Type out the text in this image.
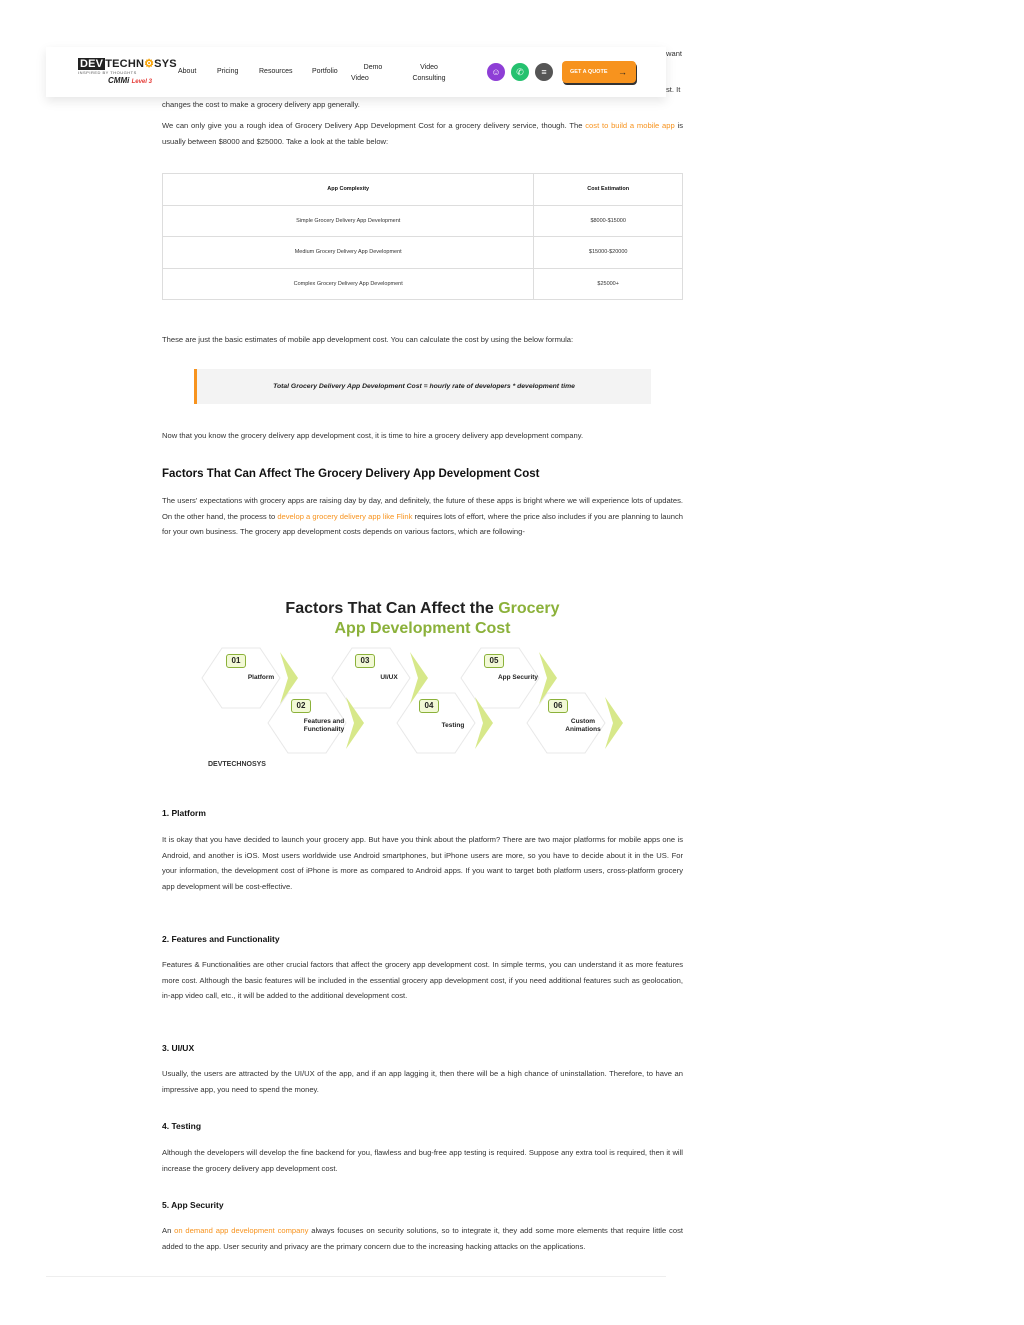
want
st. It
DEV TECHN⚙SYS
INSPIRED BY THOUGHTS
CMMi Level 3
About	Pricing	Resources	Portfolio
Demo
Video
Video
Consulting
☺	✆	≡	GET A QUOTE →
changes the cost to make a grocery delivery app generally.
We can only give you a rough idea of Grocery Delivery App Development Cost for a grocery delivery service, though. The cost to build a mobile app is usually between $8000 and $25000. Take a look at the table below:
App Complexity	Cost Estimation
Simple Grocery Delivery App Development	$8000-$15000
Medium Grocery Delivery App Development	$15000-$20000
Complex Grocery Delivery App Development	$25000+
These are just the basic estimates of mobile app development cost. You can calculate the cost by using the below formula:
Total Grocery Delivery App Development Cost = hourly rate of developers * development time
Now that you know the grocery delivery app development cost, it is time to hire a grocery delivery app development company.
Factors That Can Affect The Grocery Delivery App Development Cost
The users' expectations with grocery apps are raising day by day, and definitely, the future of these apps is bright where we will experience lots of updates. On the other hand, the process to develop a grocery delivery app like Flink requires lots of effort, where the price also includes if you are planning to launch for your own business. The grocery app development costs depends on various factors, which are following-
Factors That Can Affect the Grocery
App Development Cost
01
Platform
02
Features and Functionality
03
UI/UX
04
Testing
05
App Security
06
Custom Animations
DEVTECHNOSYS
1. Platform
It is okay that you have decided to launch your grocery app. But have you think about the platform? There are two major platforms for mobile apps one is Android, and another is iOS. Most users worldwide use Android smartphones, but iPhone users are more, so you have to decide about it in the US. For your information, the development cost of iPhone is more as compared to Android apps. If you want to target both platform users, cross-platform grocery app development will be cost-effective.
2. Features and Functionality
Features & Functionalities are other crucial factors that affect the grocery app development cost. In simple terms, you can understand it as more features more cost. Although the basic features will be included in the essential grocery app development cost, if you need additional features such as geolocation, in-app video call, etc., it will be added to the additional development cost.
3. UI/UX
Usually, the users are attracted by the UI/UX of the app, and if an app lagging it, then there will be a high chance of uninstallation. Therefore, to have an impressive app, you need to spend the money.
4. Testing
Although the developers will develop the fine backend for you, flawless and bug-free app testing is required. Suppose any extra tool is required, then it will increase the grocery delivery app development cost.
5. App Security
An on demand app development company always focuses on security solutions, so to integrate it, they add some more elements that require little cost added to the app. User security and privacy are the primary concern due to the increasing hacking attacks on the applications.
